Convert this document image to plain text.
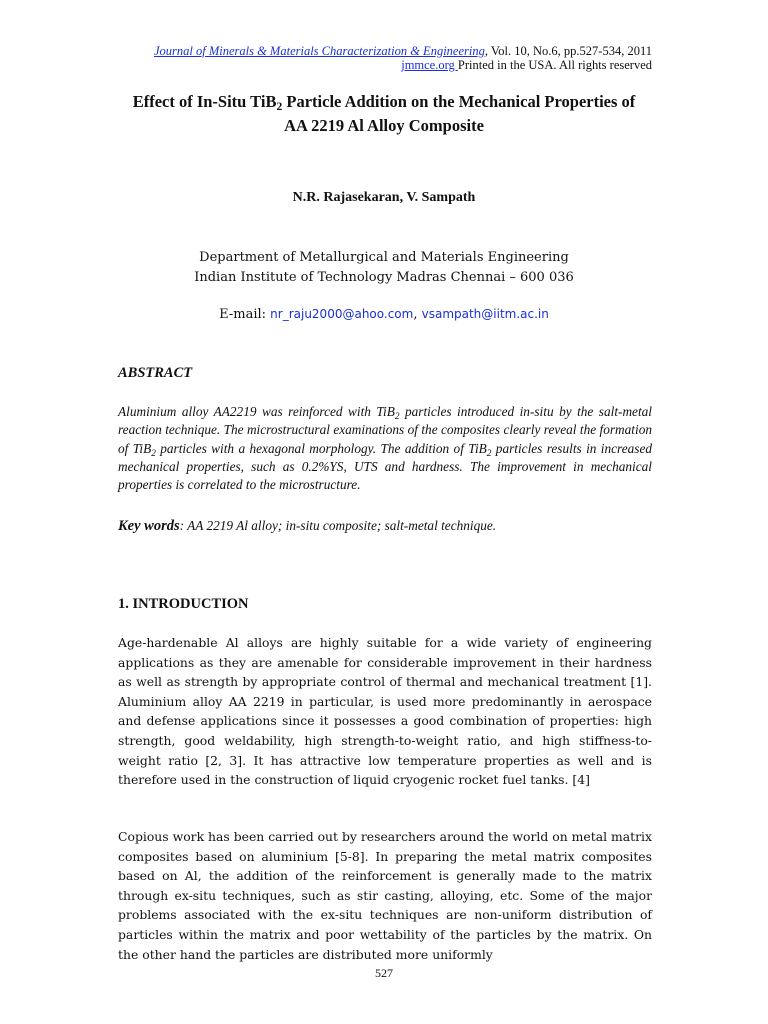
Journal of Minerals & Materials Characterization & Engineering, Vol. 10, No.6, pp.527-534, 2011
jmmce.org Printed in the USA. All rights reserved
Effect of In-Situ TiB$_2$ Particle Addition on the Mechanical Properties of
AA 2219 Al Alloy Composite
N.R. Rajasekaran, V. Sampath
Department of Metallurgical and Materials Engineering
Indian Institute of Technology Madras Chennai – 600 036
E-mail: nr_raju2000@ahoo.com, vsampath@iitm.ac.in
ABSTRACT
Aluminium alloy AA2219 was reinforced with TiB$_2$ particles introduced in-situ by the salt-metal reaction technique. The microstructural examinations of the composites clearly reveal the formation of TiB$_2$ particles with a hexagonal morphology. The addition of TiB$_2$ particles results in increased mechanical properties, such as 0.2%YS, UTS and hardness. The improvement in mechanical properties is correlated to the microstructure.
Key words: AA 2219 Al alloy; in-situ composite; salt-metal technique.
1. INTRODUCTION
Age-hardenable Al alloys are highly suitable for a wide variety of engineering applications as they are amenable for considerable improvement in their hardness as well as strength by appropriate control of thermal and mechanical treatment [1]. Aluminium alloy AA 2219 in particular, is used more predominantly in aerospace and defense applications since it possesses a good combination of properties: high strength, good weldability, high strength-to-weight ratio, and high stiffness-to-weight ratio [2, 3]. It has attractive low temperature properties as well and is therefore used in the construction of liquid cryogenic rocket fuel tanks. [4]
Copious work has been carried out by researchers around the world on metal matrix composites based on aluminium [5-8]. In preparing the metal matrix composites based on Al, the addition of the reinforcement is generally made to the matrix through ex-situ techniques, such as stir casting, alloying, etc. Some of the major problems associated with the ex-situ techniques are non-uniform distribution of particles within the matrix and poor wettability of the particles by the matrix. On the other hand the particles are distributed more uniformly
527
